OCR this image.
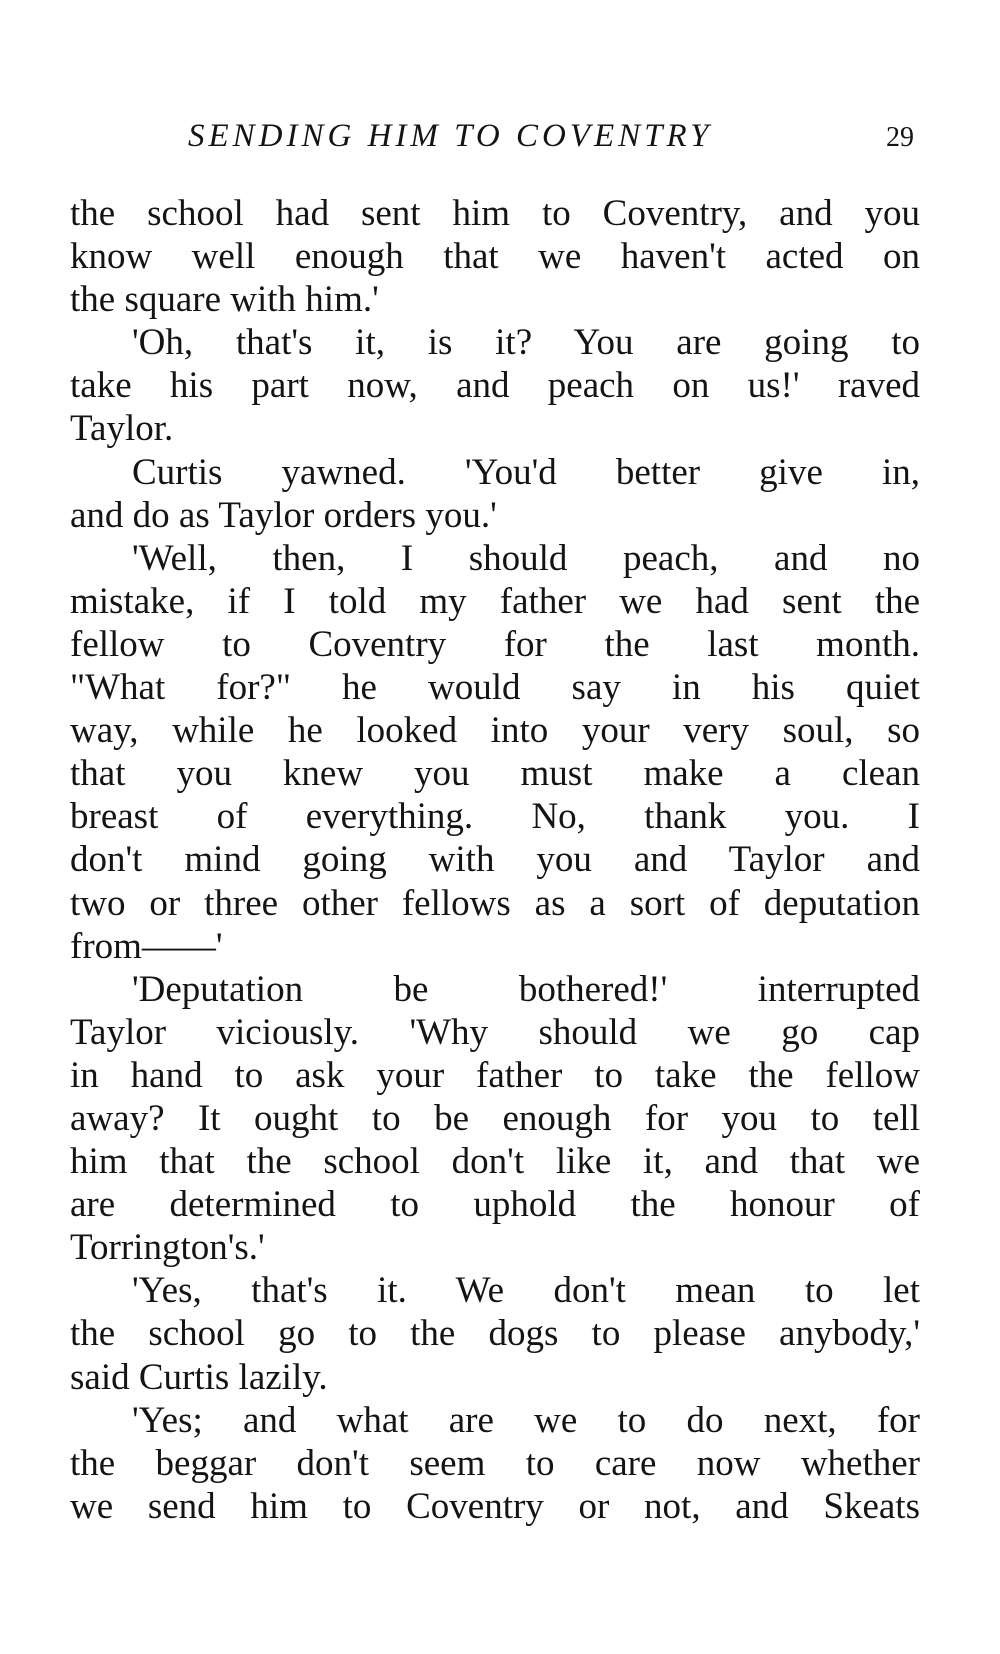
SENDING HIM TO COVENTRY	29
the school had sent him to Coventry, and you
know well enough that we haven't acted on
the square with him.'
'Oh, that's it, is it? You are going to
take his part now, and peach on us!' raved
Taylor.
Curtis yawned. 'You'd better give in,
and do as Taylor orders you.'
'Well, then, I should peach, and no
mistake, if I told my father we had sent the
fellow to Coventry for the last month.
"What for?" he would say in his quiet
way, while he looked into your very soul, so
that you knew you must make a clean
breast of everything. No, thank you. I
don't mind going with you and Taylor and
two or three other fellows as a sort of deputation
from——'
'Deputation be bothered!' interrupted
Taylor viciously. 'Why should we go cap
in hand to ask your father to take the fellow
away? It ought to be enough for you to tell
him that the school don't like it, and that we
are determined to uphold the honour of
Torrington's.'
'Yes, that's it. We don't mean to let
the school go to the dogs to please anybody,'
said Curtis lazily.
'Yes; and what are we to do next, for
the beggar don't seem to care now whether
we send him to Coventry or not, and Skeats
